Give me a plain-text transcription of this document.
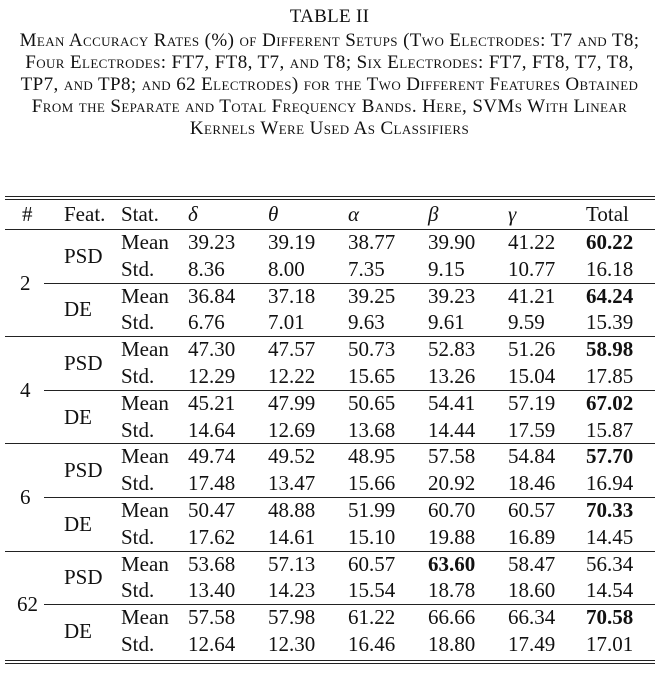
TABLE II
Mean Accuracy Rates (%) of Different Setups (Two Electrodes: T7 and T8; Four Electrodes: FT7, FT8, T7, and T8; Six Electrodes: FT7, FT8, T7, T8, TP7, and TP8; and 62 Electrodes) for the Two Different Features Obtained From the Separate and Total Frequency Bands. Here, SVMs With Linear Kernels Were Used As Classifiers
# Feat. Stat. δ	θ	α	β	γ	Total
2
PSD
Mean 39.23 39.19 38.77 39.90 41.22 60.22
Std. 8.36 8.00 7.35 9.15 10.77 16.18
DE
Mean 36.84 37.18 39.25 39.23 41.21 64.24
Std. 6.76 7.01 9.63 9.61 9.59 15.39
4
PSD
Mean 47.30 47.57 50.73 52.83 51.26 58.98
Std. 12.29 12.22 15.65 13.26 15.04 17.85
DE
Mean 45.21 47.99 50.65 54.41 57.19 67.02
Std. 14.64 12.69 13.68 14.44 17.59 15.87
6
PSD
Mean 49.74 49.52 48.95 57.58 54.84 57.70
Std. 17.48 13.47 15.66 20.92 18.46 16.94
DE
Mean 50.47 48.88 51.99 60.70 60.57 70.33
Std. 17.62 14.61 15.10 19.88 16.89 14.45
62
PSD
Mean 53.68 57.13 60.57 63.60 58.47 56.34
Std. 13.40 14.23 15.54 18.78 18.60 14.54
DE
Mean 57.58 57.98 61.22 66.66 66.34 70.58
Std. 12.64 12.30 16.46 18.80 17.49 17.01
